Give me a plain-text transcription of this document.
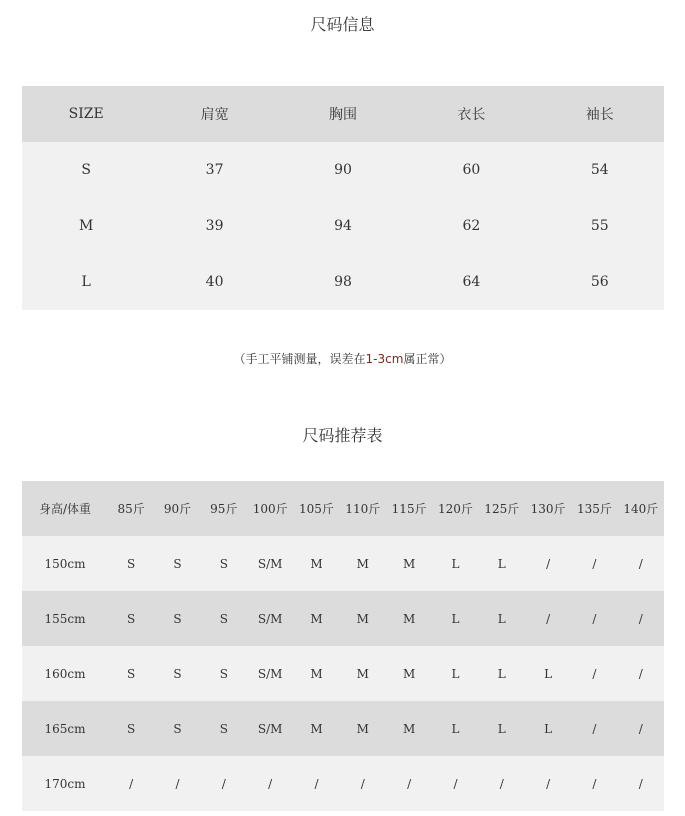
尺码信息
SIZE	肩宽	胸围	衣长	袖长
S	37	90	60	54
M	39	94	62	55
L	40	98	64	56
（手工平铺测量，误差在1-3cm属正常）
尺码推荐表
身高/体重	85斤	90斤	95斤	100斤	105斤	110斤	115斤	120斤	125斤	130斤	135斤	140斤
150cm	S	S	S	S/M	M	M	M	L	L	/	/	/
155cm	S	S	S	S/M	M	M	M	L	L	/	/	/
160cm	S	S	S	S/M	M	M	M	L	L	L	/	/
165cm	S	S	S	S/M	M	M	M	L	L	L	/	/
170cm	/	/	/	/	/	/	/	/	/	/	/	/
